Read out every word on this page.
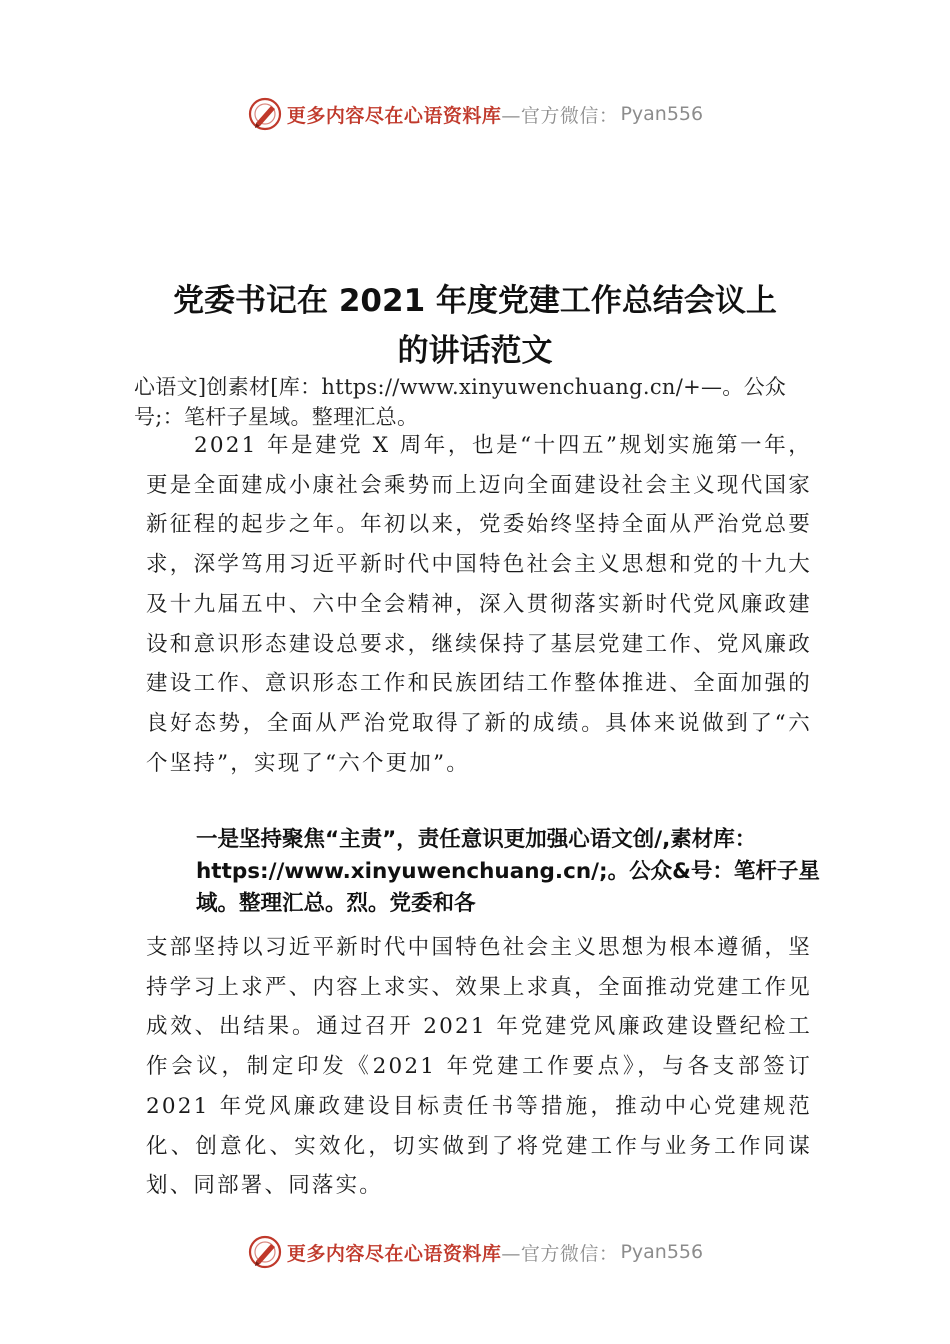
更多内容尽在心语资料库 —官方微信： Pyan556
党委书记在 2021 年度党建工作总结会议上
的讲话范文
心语文]创素材[库：https://www.xinyuwenchuang.cn/+—。公众号;：笔杆子星域。整理汇总。
2021 年是建党 X 周年，也是“十四五”规划实施第一年，更是全面建成小康社会乘势而上迈向全面建设社会主义现代国家新征程的起步之年。年初以来，党委始终坚持全面从严治党总要求，深学笃用习近平新时代中国特色社会主义思想和党的十九大及十九届五中、六中全会精神，深入贯彻落实新时代党风廉政建设和意识形态建设总要求，继续保持了基层党建工作、党风廉政建设工作、意识形态工作和民族团结工作整体推进、全面加强的良好态势，全面从严治党取得了新的成绩。具体来说做到了“六个坚持”，实现了“六个更加”。
一是坚持聚焦“主责”，责任意识更加强心语文创/,素材库：https://www.xinyuwenchuang.cn/;。公众&号：笔杆子星域。整理汇总。烈。党委和各
支部坚持以习近平新时代中国特色社会主义思想为根本遵循，坚持学习上求严、内容上求实、效果上求真，全面推动党建工作见成效、出结果。通过召开 2021 年党建党风廉政建设暨纪检工作会议，制定印发《2021 年党建工作要点》，与各支部签订 2021 年党风廉政建设目标责任书等措施，推动中心党建规范化、创意化、实效化，切实做到了将党建工作与业务工作同谋划、同部署、同落实。
更多内容尽在心语资料库 —官方微信： Pyan556
